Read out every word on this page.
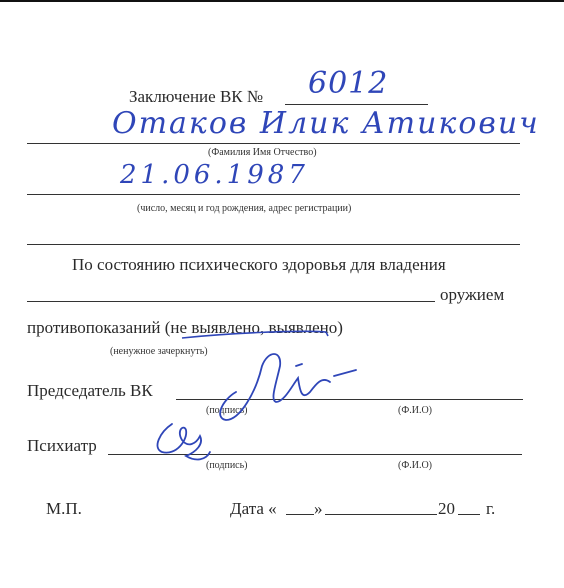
Заключение ВК № 6012
Отаков Илик Атикович
(Фамилия Имя Отчество)
21.06.1987
(число, месяц и год рождения, адрес регистрации)
По состоянию психического здоровья для владения
оружием
противопоказаний (не выявлено, выявлено)
(ненужное зачеркнуть)
Председатель ВК
(подпись)	(Ф.И.О)
Психиатр
(подпись)	(Ф.И.О)
М.П.	Дата « »	20 г.
